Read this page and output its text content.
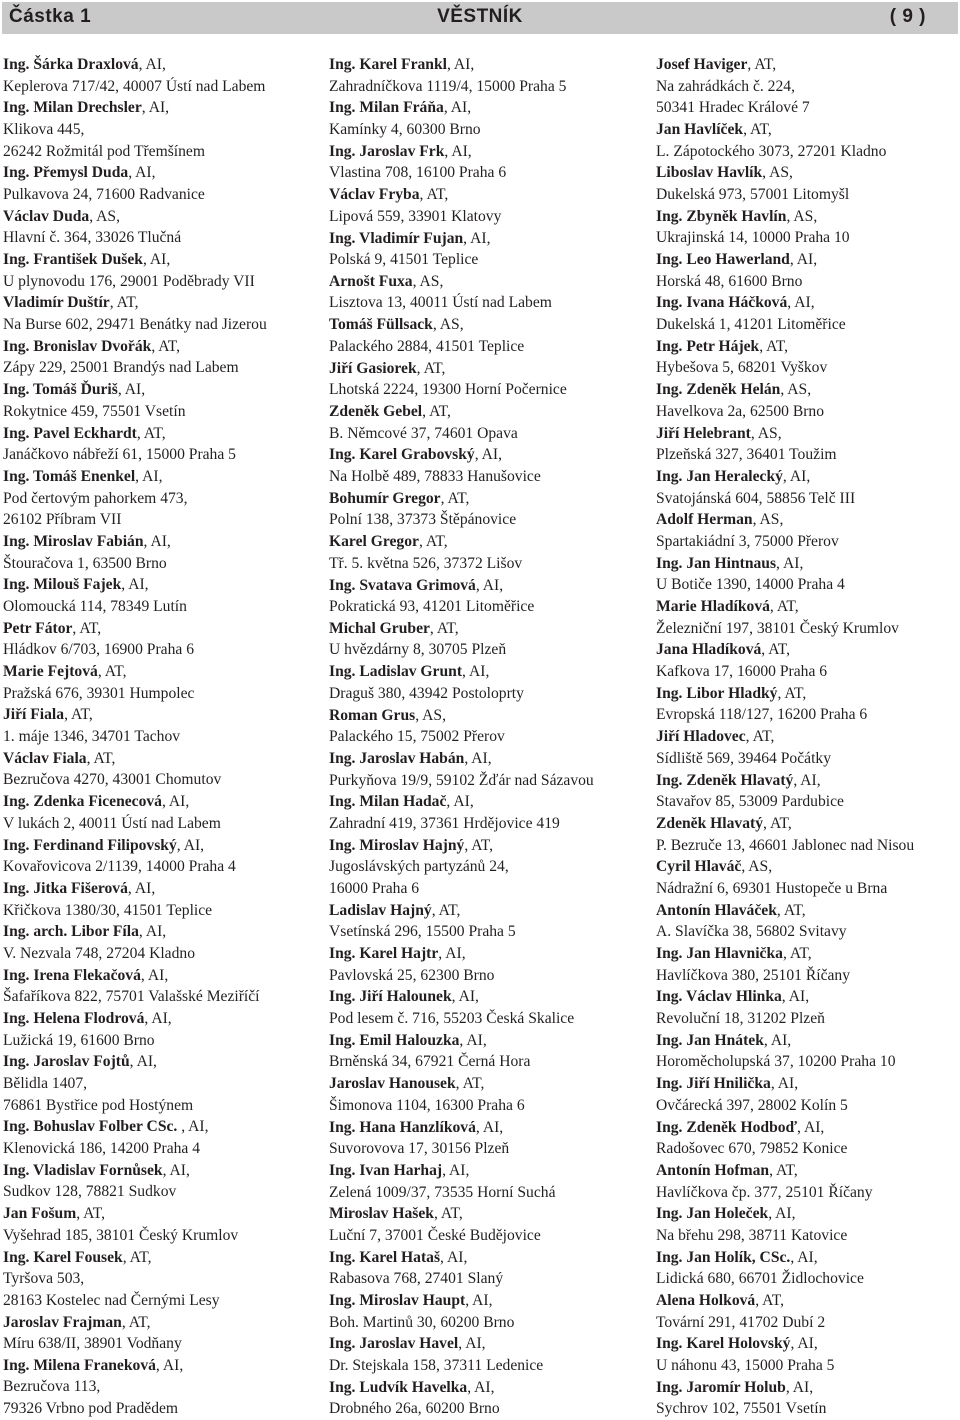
Částka 1	VĚSTNÍK	( 9 )
Ing. Šárka Draxlová, AI,
Keplerova 717/42, 40007 Ústí nad Labem
Ing. Milan Drechsler, AI,
Klikova 445,
26242 Rožmitál pod Třemšínem
Ing. Přemysl Duda, AI,
Pulkavova 24, 71600 Radvanice
Václav Duda, AS,
Hlavní č. 364, 33026 Tlučná
Ing. František Dušek, AI,
U plynovodu 176, 29001 Poděbrady VII
Vladimír Duštír, AT,
Na Burse 602, 29471 Benátky nad Jizerou
Ing. Bronislav Dvořák, AT,
Zápy 229, 25001 Brandýs nad Labem
Ing. Tomáš Ďuriš, AI,
Rokytnice 459, 75501 Vsetín
Ing. Pavel Eckhardt, AT,
Janáčkovo nábřeží 61, 15000 Praha 5
Ing. Tomáš Enenkel, AI,
Pod čertovým pahorkem 473,
26102 Příbram VII
Ing. Miroslav Fabián, AI,
Štouračova 1, 63500 Brno
Ing. Milouš Fajek, AI,
Olomoucká 114, 78349 Lutín
Petr Fátor, AT,
Hládkov 6/703, 16900 Praha 6
Marie Fejtová, AT,
Pražská 676, 39301 Humpolec
Jiří Fiala, AT,
1. máje 1346, 34701 Tachov
Václav Fiala, AT,
Bezručova 4270, 43001 Chomutov
Ing. Zdenka Ficenecová, AI,
V lukách 2, 40011 Ústí nad Labem
Ing. Ferdinand Filipovský, AI,
Kovařovicova 2/1139, 14000 Praha 4
Ing. Jitka Fišerová, AI,
Křičkova 1380/30, 41501 Teplice
Ing. arch. Libor Fíla, AI,
V. Nezvala 748, 27204 Kladno
Ing. Irena Flekačová, AI,
Šafaříkova 822, 75701 Valašské Meziříčí
Ing. Helena Flodrová, AI,
Lužická 19, 61600 Brno
Ing. Jaroslav Fojtů, AI,
Bělidla 1407,
76861 Bystřice pod Hostýnem
Ing. Bohuslav Folber CSc. , AI,
Klenovická 186, 14200 Praha 4
Ing. Vladislav Fornůsek, AI,
Sudkov 128, 78821 Sudkov
Jan Fošum, AT,
Vyšehrad 185, 38101 Český Krumlov
Ing. Karel Fousek, AT,
Tyršova 503,
28163 Kostelec nad Černými Lesy
Jaroslav Frajman, AT,
Míru 638/II, 38901 Vodňany
Ing. Milena Franeková, AI,
Bezručova 113,
79326 Vrbno pod Pradědem
Ing. Karel Frankl, AI,
Zahradníčkova 1119/4, 15000 Praha 5
Ing. Milan Fráňa, AI,
Kamínky 4, 60300 Brno
Ing. Jaroslav Frk, AI,
Vlastina 708, 16100 Praha 6
Václav Fryba, AT,
Lipová 559, 33901 Klatovy
Ing. Vladimír Fujan, AI,
Polská 9, 41501 Teplice
Arnošt Fuxa, AS,
Lisztova 13, 40011 Ústí nad Labem
Tomáš Füllsack, AS,
Palackého 2884, 41501 Teplice
Jiří Gasiorek, AT,
Lhotská 2224, 19300 Horní Počernice
Zdeněk Gebel, AT,
B. Němcové 37, 74601 Opava
Ing. Karel Grabovský, AI,
Na Holbě 489, 78833 Hanušovice
Bohumír Gregor, AT,
Polní 138, 37373 Štěpánovice
Karel Gregor, AT,
Tř. 5. května 526, 37372 Lišov
Ing. Svatava Grimová, AI,
Pokratická 93, 41201 Litoměřice
Michal Gruber, AT,
U hvězdárny 8, 30705 Plzeň
Ing. Ladislav Grunt, AI,
Draguš 380, 43942 Postoloprty
Roman Grus, AS,
Palackého 15, 75002 Přerov
Ing. Jaroslav Habán, AI,
Purkyňova 19/9, 59102 Žďár nad Sázavou
Ing. Milan Hadač, AI,
Zahradní 419, 37361 Hrdějovice 419
Ing. Miroslav Hajný, AT,
Jugoslávských partyzánů 24,
16000 Praha 6
Ladislav Hajný, AT,
Vsetínská 296, 15500 Praha 5
Ing. Karel Hajtr, AI,
Pavlovská 25, 62300 Brno
Ing. Jiří Halounek, AI,
Pod lesem č. 716, 55203 Česká Skalice
Ing. Emil Halouzka, AI,
Brněnská 34, 67921 Černá Hora
Jaroslav Hanousek, AT,
Šimonova 1104, 16300 Praha 6
Ing. Hana Hanzlíková, AI,
Suvorovova 17, 30156 Plzeň
Ing. Ivan Harhaj, AI,
Zelená 1009/37, 73535 Horní Suchá
Miroslav Hašek, AT,
Luční 7, 37001 České Budějovice
Ing. Karel Hataš, AI,
Rabasova 768, 27401 Slaný
Ing. Miroslav Haupt, AI,
Boh. Martinů 30, 60200 Brno
Ing. Jaroslav Havel, AI,
Dr. Stejskala 158, 37311 Ledenice
Ing. Ludvík Havelka, AI,
Drobného 26a, 60200 Brno
Josef Haviger, AT,
Na zahrádkách č. 224,
50341 Hradec Králové 7
Jan Havlíček, AT,
L. Zápotockého 3073, 27201 Kladno
Liboslav Havlík, AS,
Dukelská 973, 57001 Litomyšl
Ing. Zbyněk Havlín, AS,
Ukrajinská 14, 10000 Praha 10
Ing. Leo Hawerland, AI,
Horská 48, 61600 Brno
Ing. Ivana Háčková, AI,
Dukelská 1, 41201 Litoměřice
Ing. Petr Hájek, AT,
Hybešova 5, 68201 Vyškov
Ing. Zdeněk Helán, AS,
Havelkova 2a, 62500 Brno
Jiří Helebrant, AS,
Plzeňská 327, 36401 Toužim
Ing. Jan Heralecký, AI,
Svatojánská 604, 58856 Telč III
Adolf Herman, AS,
Spartakiádní 3, 75000 Přerov
Ing. Jan Hintnaus, AI,
U Botiče 1390, 14000 Praha 4
Marie Hladíková, AT,
Železniční 197, 38101 Český Krumlov
Jana Hladíková, AT,
Kafkova 17, 16000 Praha 6
Ing. Libor Hladký, AT,
Evropská 118/127, 16200 Praha 6
Jiří Hladovec, AT,
Sídliště 569, 39464 Počátky
Ing. Zdeněk Hlavatý, AI,
Stavařov 85, 53009 Pardubice
Zdeněk Hlavatý, AT,
P. Bezruče 13, 46601 Jablonec nad Nisou
Cyril Hlaváč, AS,
Nádražní 6, 69301 Hustopeče u Brna
Antonín Hlaváček, AT,
A. Slavíčka 38, 56802 Svitavy
Ing. Jan Hlavnička, AT,
Havlíčkova 380, 25101 Říčany
Ing. Václav Hlinka, AI,
Revoluční 18, 31202 Plzeň
Ing. Jan Hnátek, AI,
Horoměcholupská 37, 10200 Praha 10
Ing. Jiří Hnilička, AI,
Ovčárecká 397, 28002 Kolín 5
Ing. Zdeněk Hodboď, AI,
Radošovec 670, 79852 Konice
Antonín Hofman, AT,
Havlíčkova čp. 377, 25101 Říčany
Ing. Jan Holeček, AI,
Na břehu 298, 38711 Katovice
Ing. Jan Holík, CSc., AI,
Lidická 680, 66701 Židlochovice
Alena Holková, AT,
Tovární 291, 41702 Dubí 2
Ing. Karel Holovský, AI,
U náhonu 43, 15000 Praha 5
Ing. Jaromír Holub, AI,
Sychrov 102, 75501 Vsetín
